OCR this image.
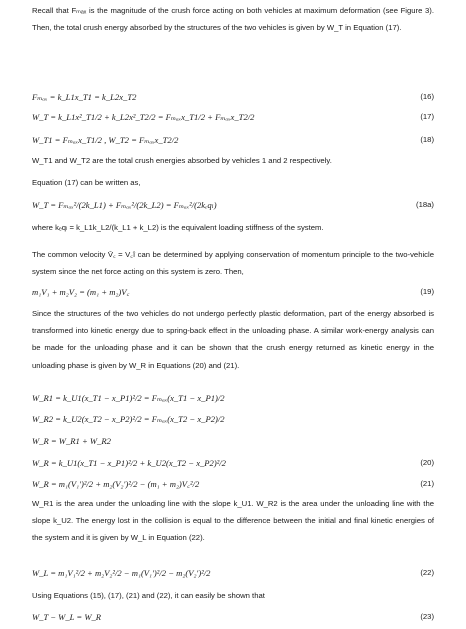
Recall that Fₘₐₓ is the magnitude of the crush force acting on both vehicles at maximum deformation (see Figure 3). Then, the total crush energy absorbed by the structures of the two vehicles is given by W_T in Equation (17).

Fₘₐₓ = k_L1x_T1 = k_L2x_T2	(16)
W_T = k_L1x²_T1/2 + k_L2x²_T2/2 = Fₘₐₓx_T1/2 + Fₘₐₓx_T2/2	(17)
W_T1 = Fₘₐₓx_T1/2 , W_T2 = Fₘₐₓx_T2/2	(18)
W_T1 and W_T2 are the total crush energies absorbed by vehicles 1 and 2 respectively.
Equation (17) can be written as,
W_T = Fₘₐₓ²/(2k_L1) + Fₘₐₓ²/(2k_L2) = Fₘₐₓ²/(2kₑqₗ)	(18a)
where kₑqₗ = k_L1k_L2/(k_L1 + k_L2) is the equivalent loading stiffness of the system.

The common velocity V̄꜀ = V꜀î can be determined by applying conservation of momentum principle to the two-vehicle system since the net force acting on this system is zero. Then,

m₁V₁ + m₂V₂ = (m₁ + m₂)V꜀	(19)

Since the structures of the two vehicles do not undergo perfectly plastic deformation, part of the energy absorbed is transformed into kinetic energy due to spring-back effect in the unloading phase. A similar work-energy analysis can be made for the unloading phase and it can be shown that the crush energy returned as kinetic energy in the unloading phase is given by W_R in Equations (20) and (21).

W_R1 = k_U1(x_T1 − x_P1)²/2 = Fₘₐₓ(x_T1 − x_P1)/2
W_R2 = k_U2(x_T2 − x_P2)²/2 = Fₘₐₓ(x_T2 − x_P2)/2
W_R = W_R1 + W_R2
W_R = k_U1(x_T1 − x_P1)²/2 + k_U2(x_T2 − x_P2)²/2	(20)
W_R = m₁(V₁′)²/2 + m₂(V₂′)²/2 − (m₁ + m₂)V꜀²/2	(21)

W_R1 is the area under the unloading line with the slope k_U1. W_R2 is the area under the unloading line with the slope k_U2. The energy lost in the collision is equal to the difference between the initial and final kinetic energies of the system and it is given by W_L in Equation (22).

W_L = m₁V₁²/2 + m₂V₂²/2 − m₁(V₁′)²/2 − m₂(V₂′)²/2	(22)
Using Equations (15), (17), (21) and (22), it can easily be shown that
W_T − W_L = W_R	(23)
